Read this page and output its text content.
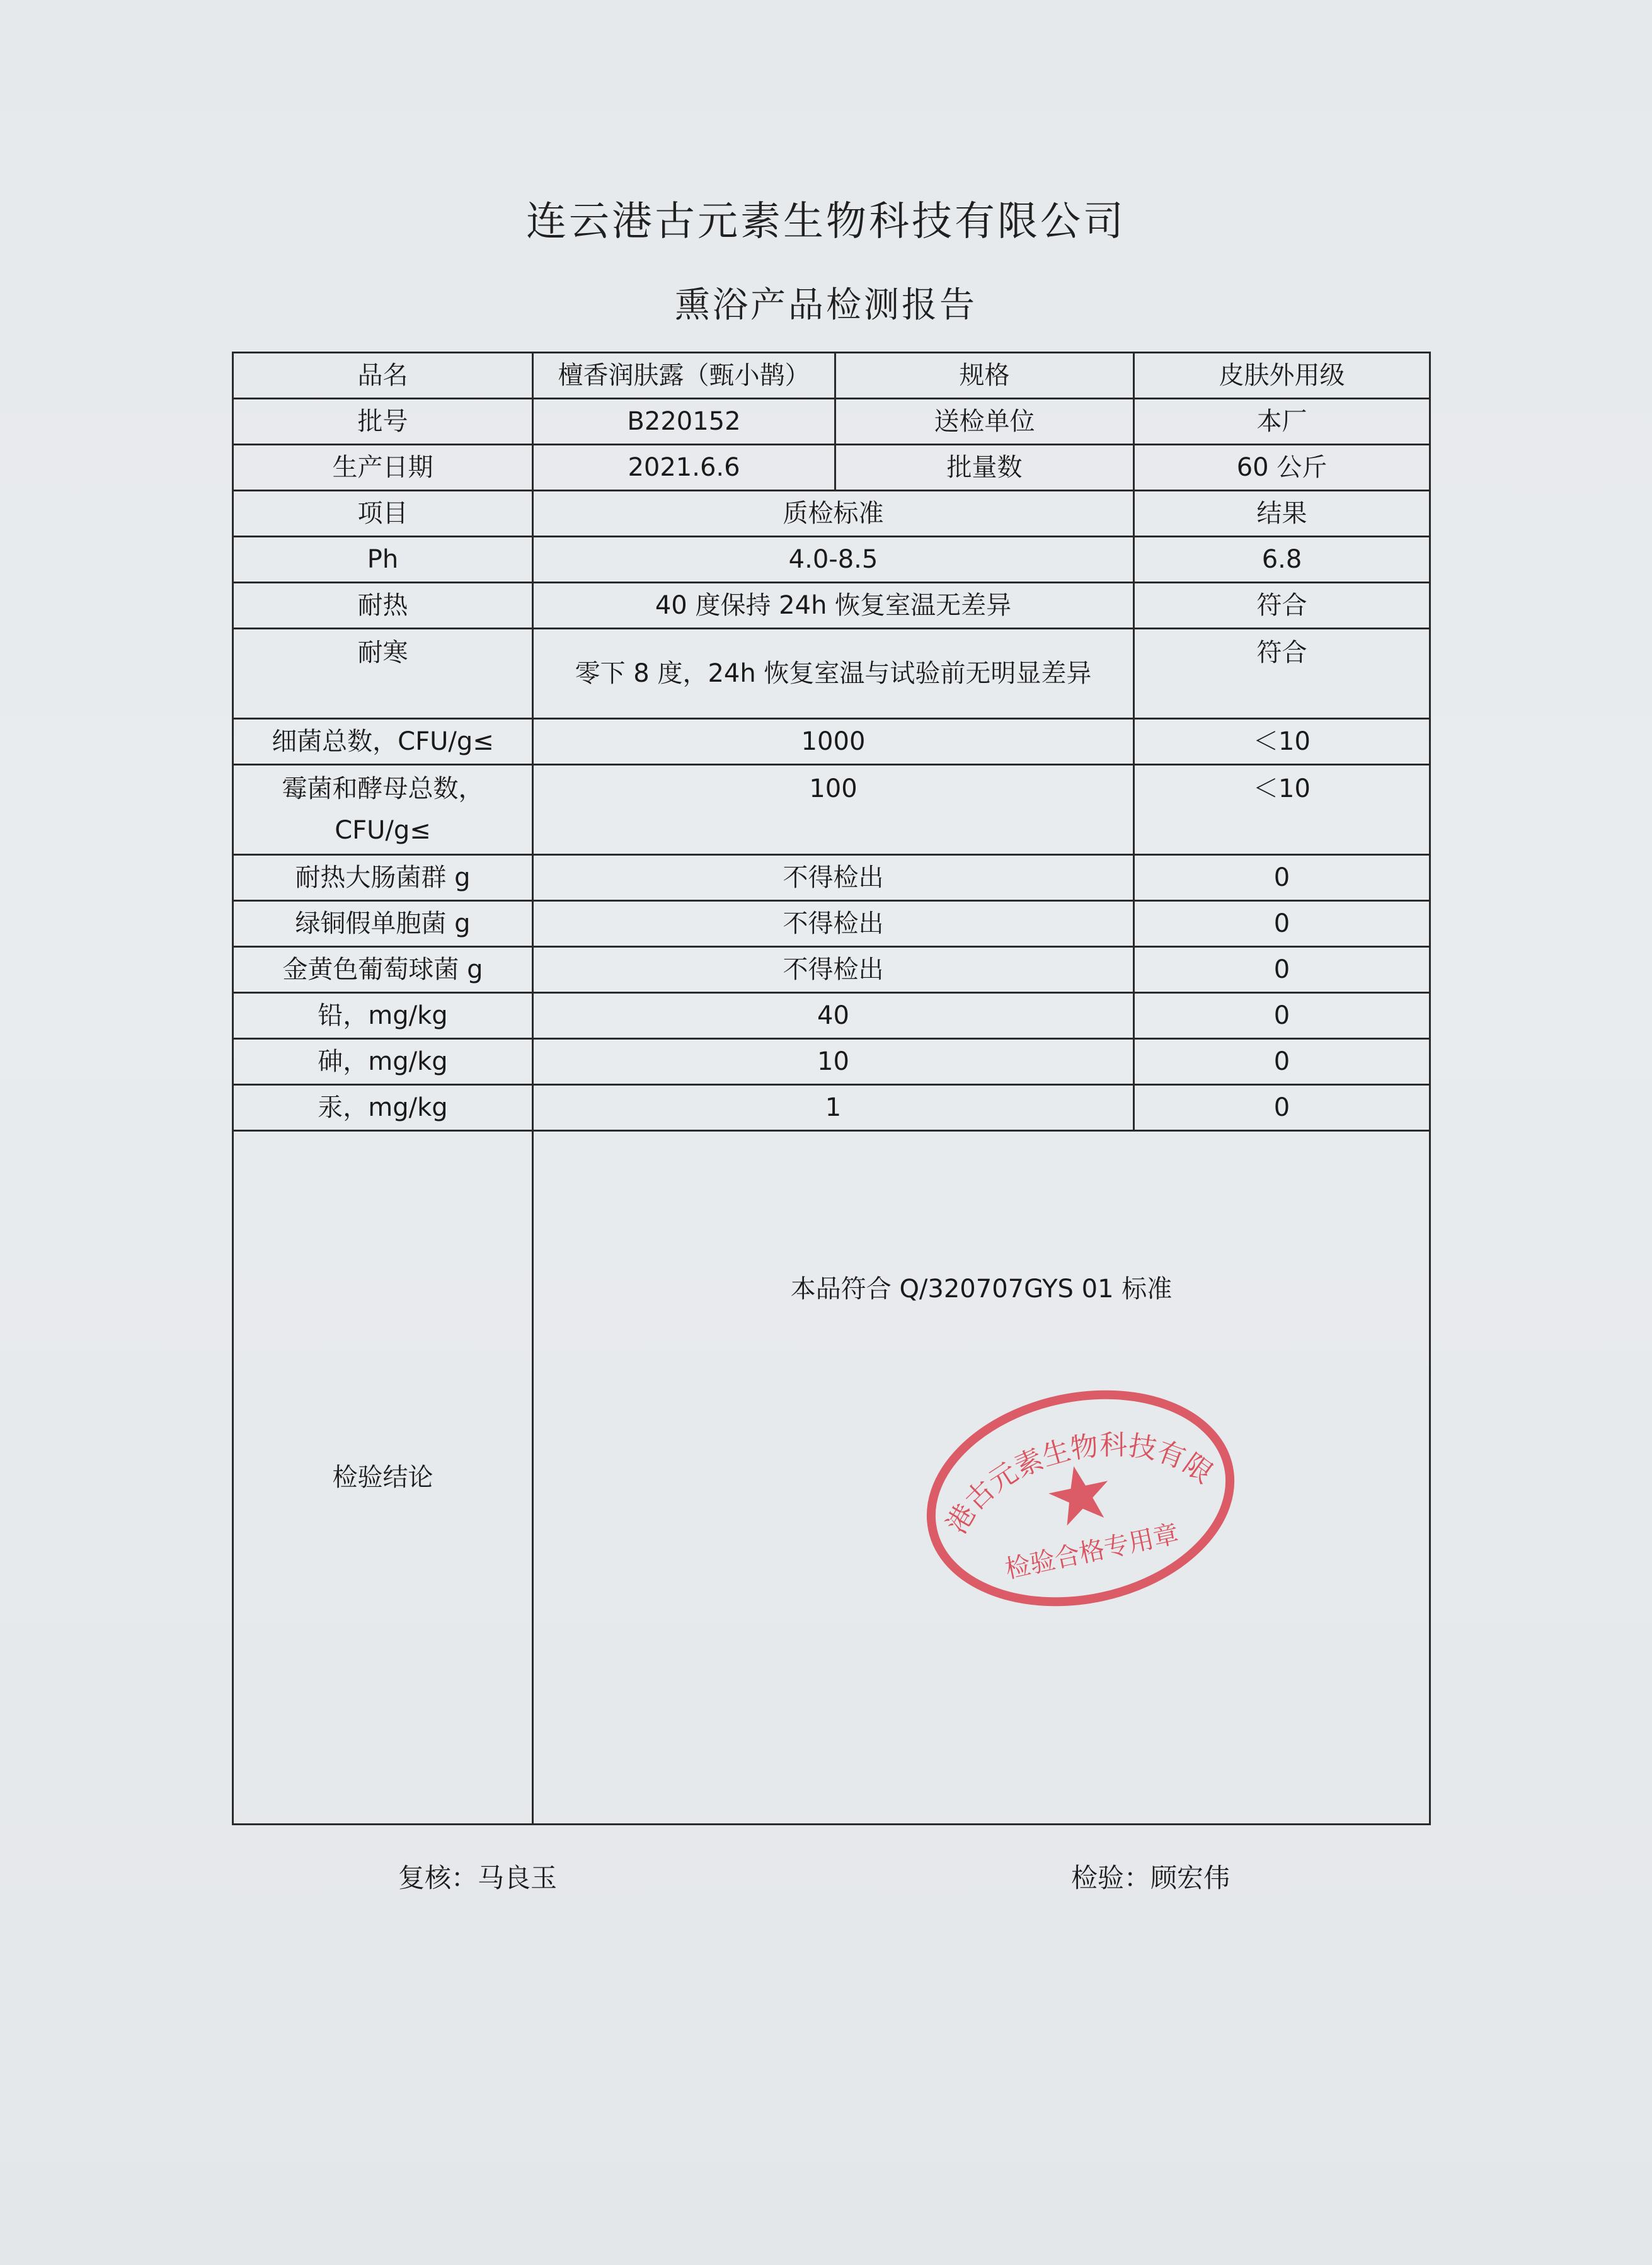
连云港古元素生物科技有限公司
熏浴产品检测报告
品名	檀香润肤露（甄小鹊）	规格	皮肤外用级
批号	B220152	送检单位	本厂
生产日期	2021.6.6	批量数	60 公斤
项目	质检标准		结果
Ph	4.0-8.5		6.8
耐热	40 度保持 24h 恢复室温无差异		符合
耐寒	零下 8 度，24h 恢复室温与试验前无明显差异		符合
细菌总数，CFU/g≤	1000		＜10
霉菌和酵母总数，CFU/g≤	100		＜10
耐热大肠菌群 g	不得检出		0
绿铜假单胞菌 g	不得检出		0
金黄色葡萄球菌 g	不得检出		0
铅，mg/kg	40		0
砷，mg/kg	10		0
汞，mg/kg	1		0
检验结论	本品符合 Q/320707GYS 01 标准		
连云港古元素生物科技有限公司
检验合格专用章
复核：马良玉	检验：顾宏伟
